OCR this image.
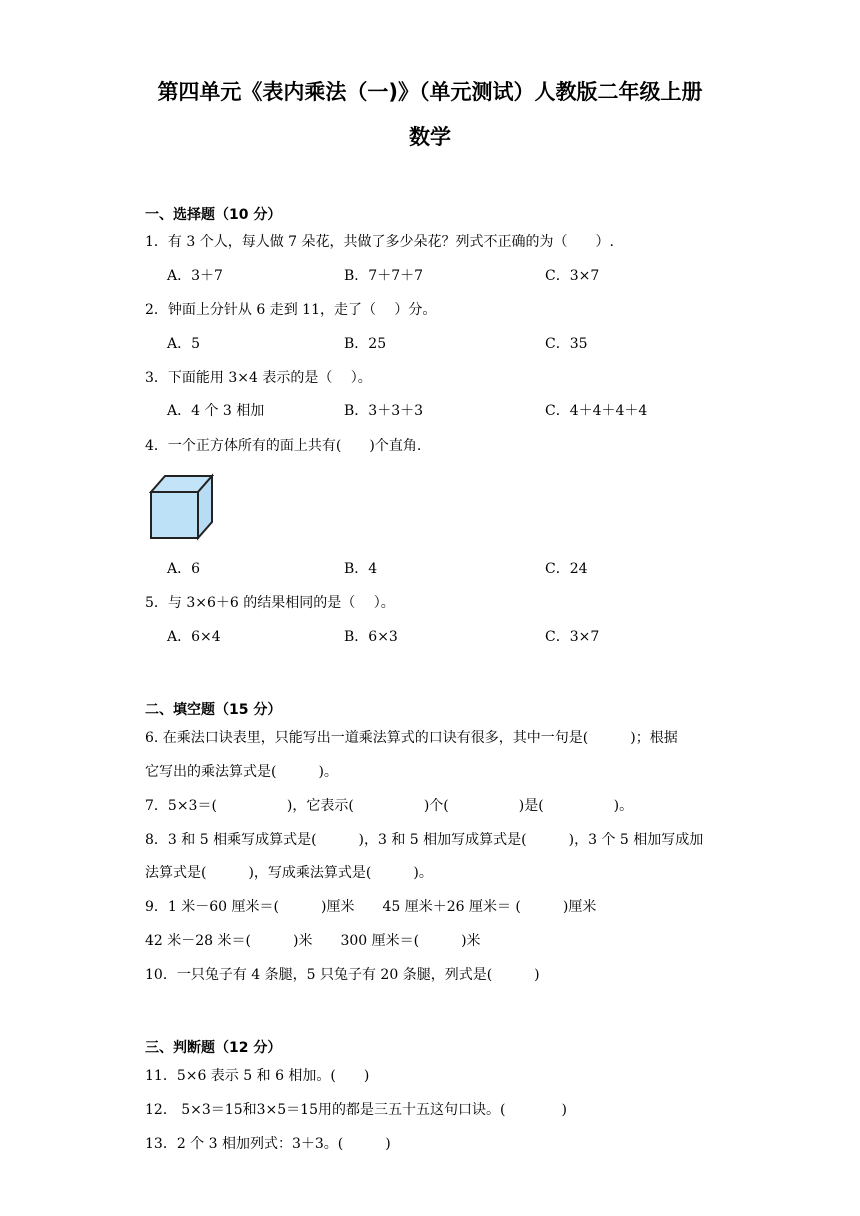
第四单元《表内乘法（一)》（单元测试）人教版二年级上册
数学
一、选择题（10 分）
1．有 3 个人，每人做 7 朵花，共做了多少朵花？列式不正确的为（　　）.
A．3＋7	B．7＋7＋7	C．3×7
2．钟面上分针从 6 走到 11，走了（　 ）分。
A．5	B．25	C．35
3．下面能用 3×4 表示的是（　 ）。
A．4 个 3 相加	B．3＋3＋3	C．4＋4＋4＋4
4．一个正方体所有的面上共有(　　)个直角.
A．6	B．4	C．24
5．与 3×6＋6 的结果相同的是（　 ）。
A．6×4	B．6×3	C．3×7
二、填空题（15 分）
6. 在乘法口诀表里，只能写出一道乘法算式的口诀有很多，其中一句是(　　　)；根据
它写出的乘法算式是(　　　)。
7．5×3＝(　　　　　)，它表示(　　　　　)个(　　　　　)是(　　　　　)。
8．3 和 5 相乘写成算式是(　　　)，3 和 5 相加写成算式是(　　　)，3 个 5 相加写成加
法算式是(　　　)，写成乘法算式是(　　　)。
9．1 米－60 厘米＝(　　　)厘米　　45 厘米＋26 厘米＝ (　　　)厘米
42 米－28 米＝(　　　)米　　300 厘米＝(　　　)米
10．一只兔子有 4 条腿，5 只兔子有 20 条腿，列式是(　　　)
三、判断题（12 分）
11．5×6 表示 5 和 6 相加。(　　)
12． 5×3＝15和3×5＝15用的都是三五十五这句口诀。(　　　　)
13．2 个 3 相加列式：3＋3。(　　　)
